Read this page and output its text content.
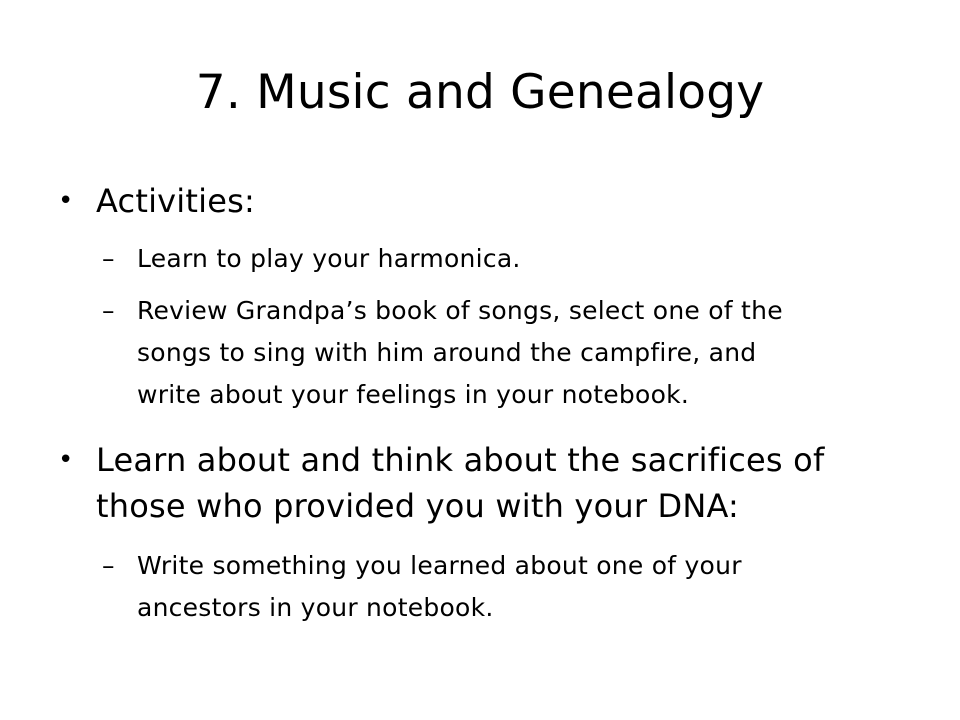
7. Music and Genealogy
• Activities:
– Learn to play your harmonica.
– Review Grandpa’s book of songs, select one of the
songs to sing with him around the campfire, and
write about your feelings in your notebook.
• Learn about and think about the sacrifices of
those who provided you with your DNA:
– Write something you learned about one of your
ancestors in your notebook.
